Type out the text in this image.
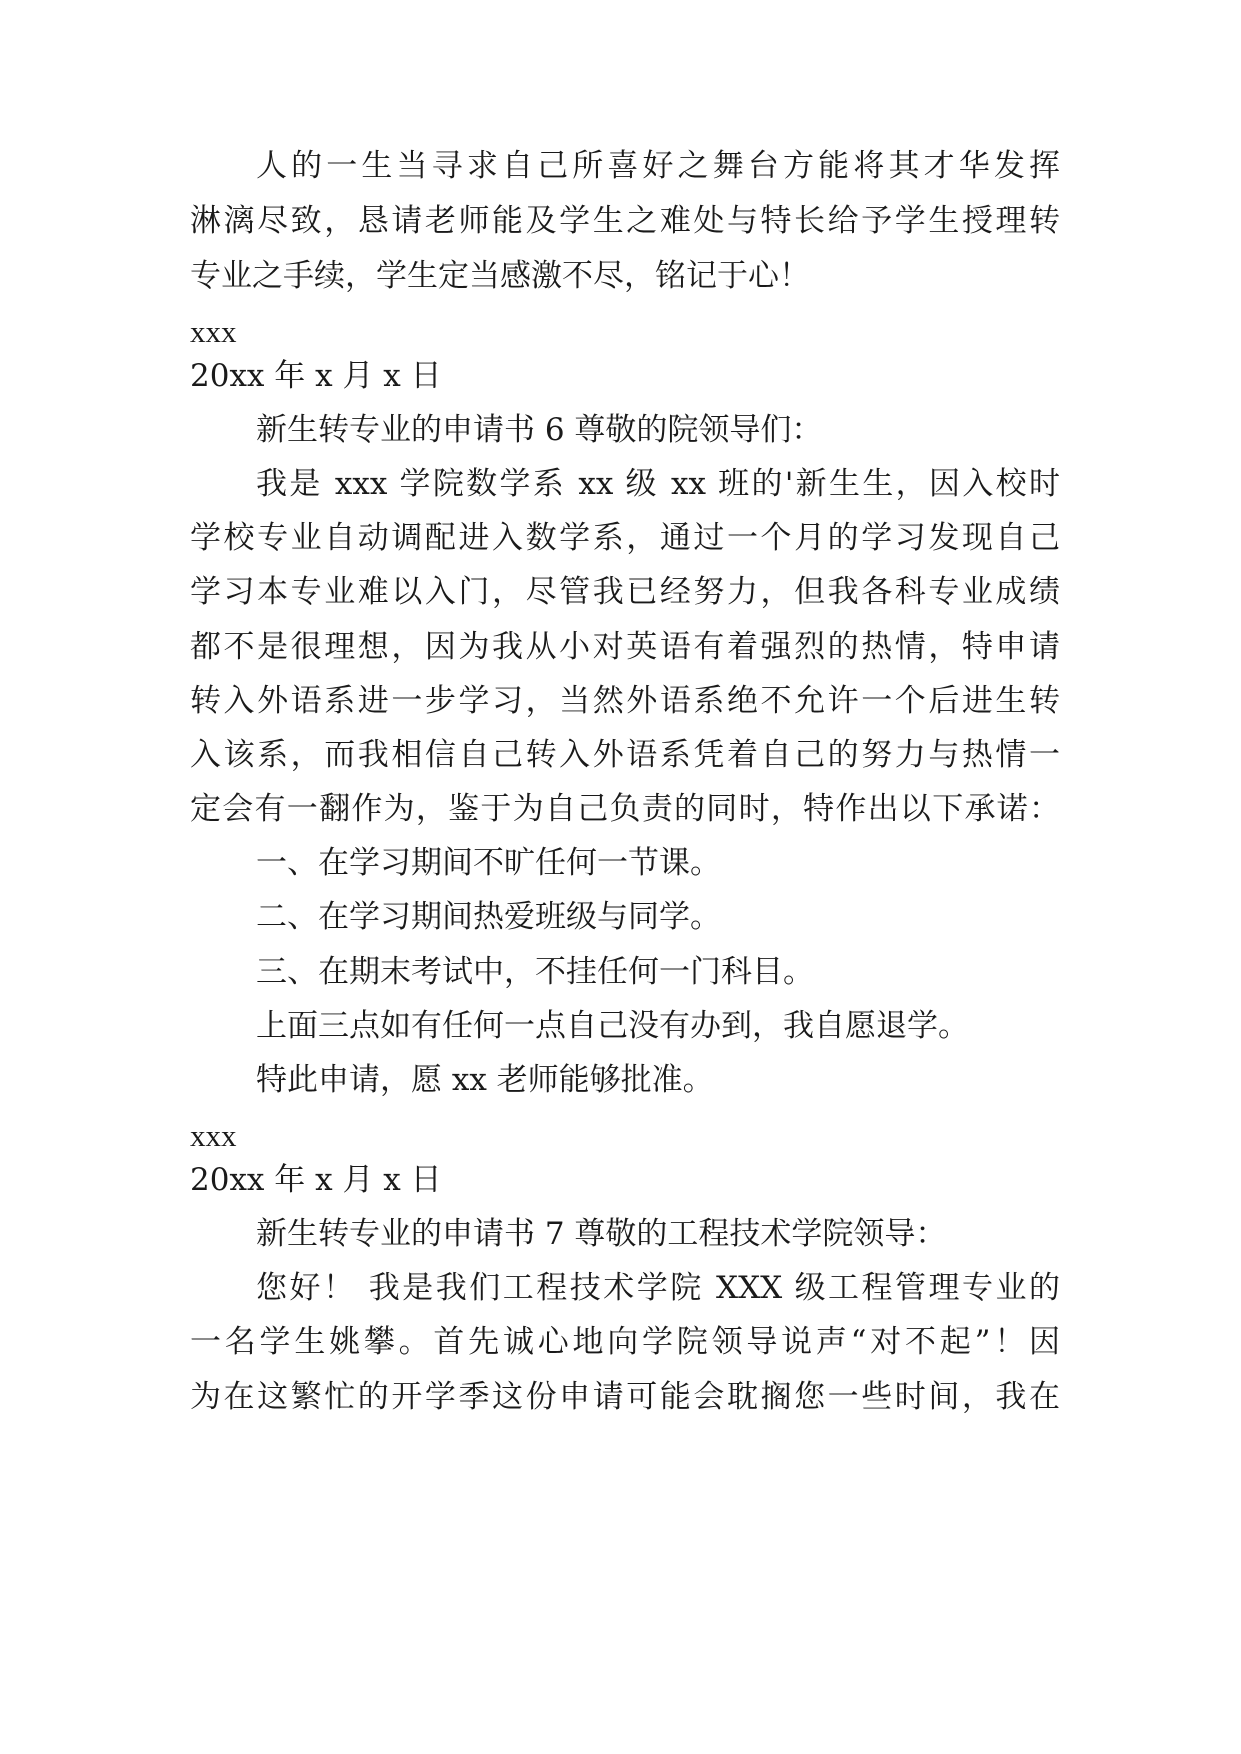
人的一生当寻求自己所喜好之舞台方能将其才华发挥
淋漓尽致，恳请老师能及学生之难处与特长给予学生授理转
专业之手续，学生定当感激不尽，铭记于心！
xxx
20xx 年 x 月 x 日
新生转专业的申请书 6 尊敬的院领导们：
我是 xxx 学院数学系 xx 级 xx 班的'新生生，因入校时
学校专业自动调配进入数学系，通过一个月的学习发现自己
学习本专业难以入门，尽管我已经努力，但我各科专业成绩
都不是很理想，因为我从小对英语有着强烈的热情，特申请
转入外语系进一步学习，当然外语系绝不允许一个后进生转
入该系，而我相信自己转入外语系凭着自己的努力与热情一
定会有一翻作为，鉴于为自己负责的同时，特作出以下承诺：
一、在学习期间不旷任何一节课。
二、在学习期间热爱班级与同学。
三、在期末考试中，不挂任何一门科目。
上面三点如有任何一点自己没有办到，我自愿退学。
特此申请，愿 xx 老师能够批准。
xxx
20xx 年 x 月 x 日
新生转专业的申请书 7 尊敬的工程技术学院领导：
您好！ 我是我们工程技术学院 XXX 级工程管理专业的
一名学生姚攀。首先诚心地向学院领导说声“对不起”！因
为在这繁忙的开学季这份申请可能会耽搁您一些时间，我在
